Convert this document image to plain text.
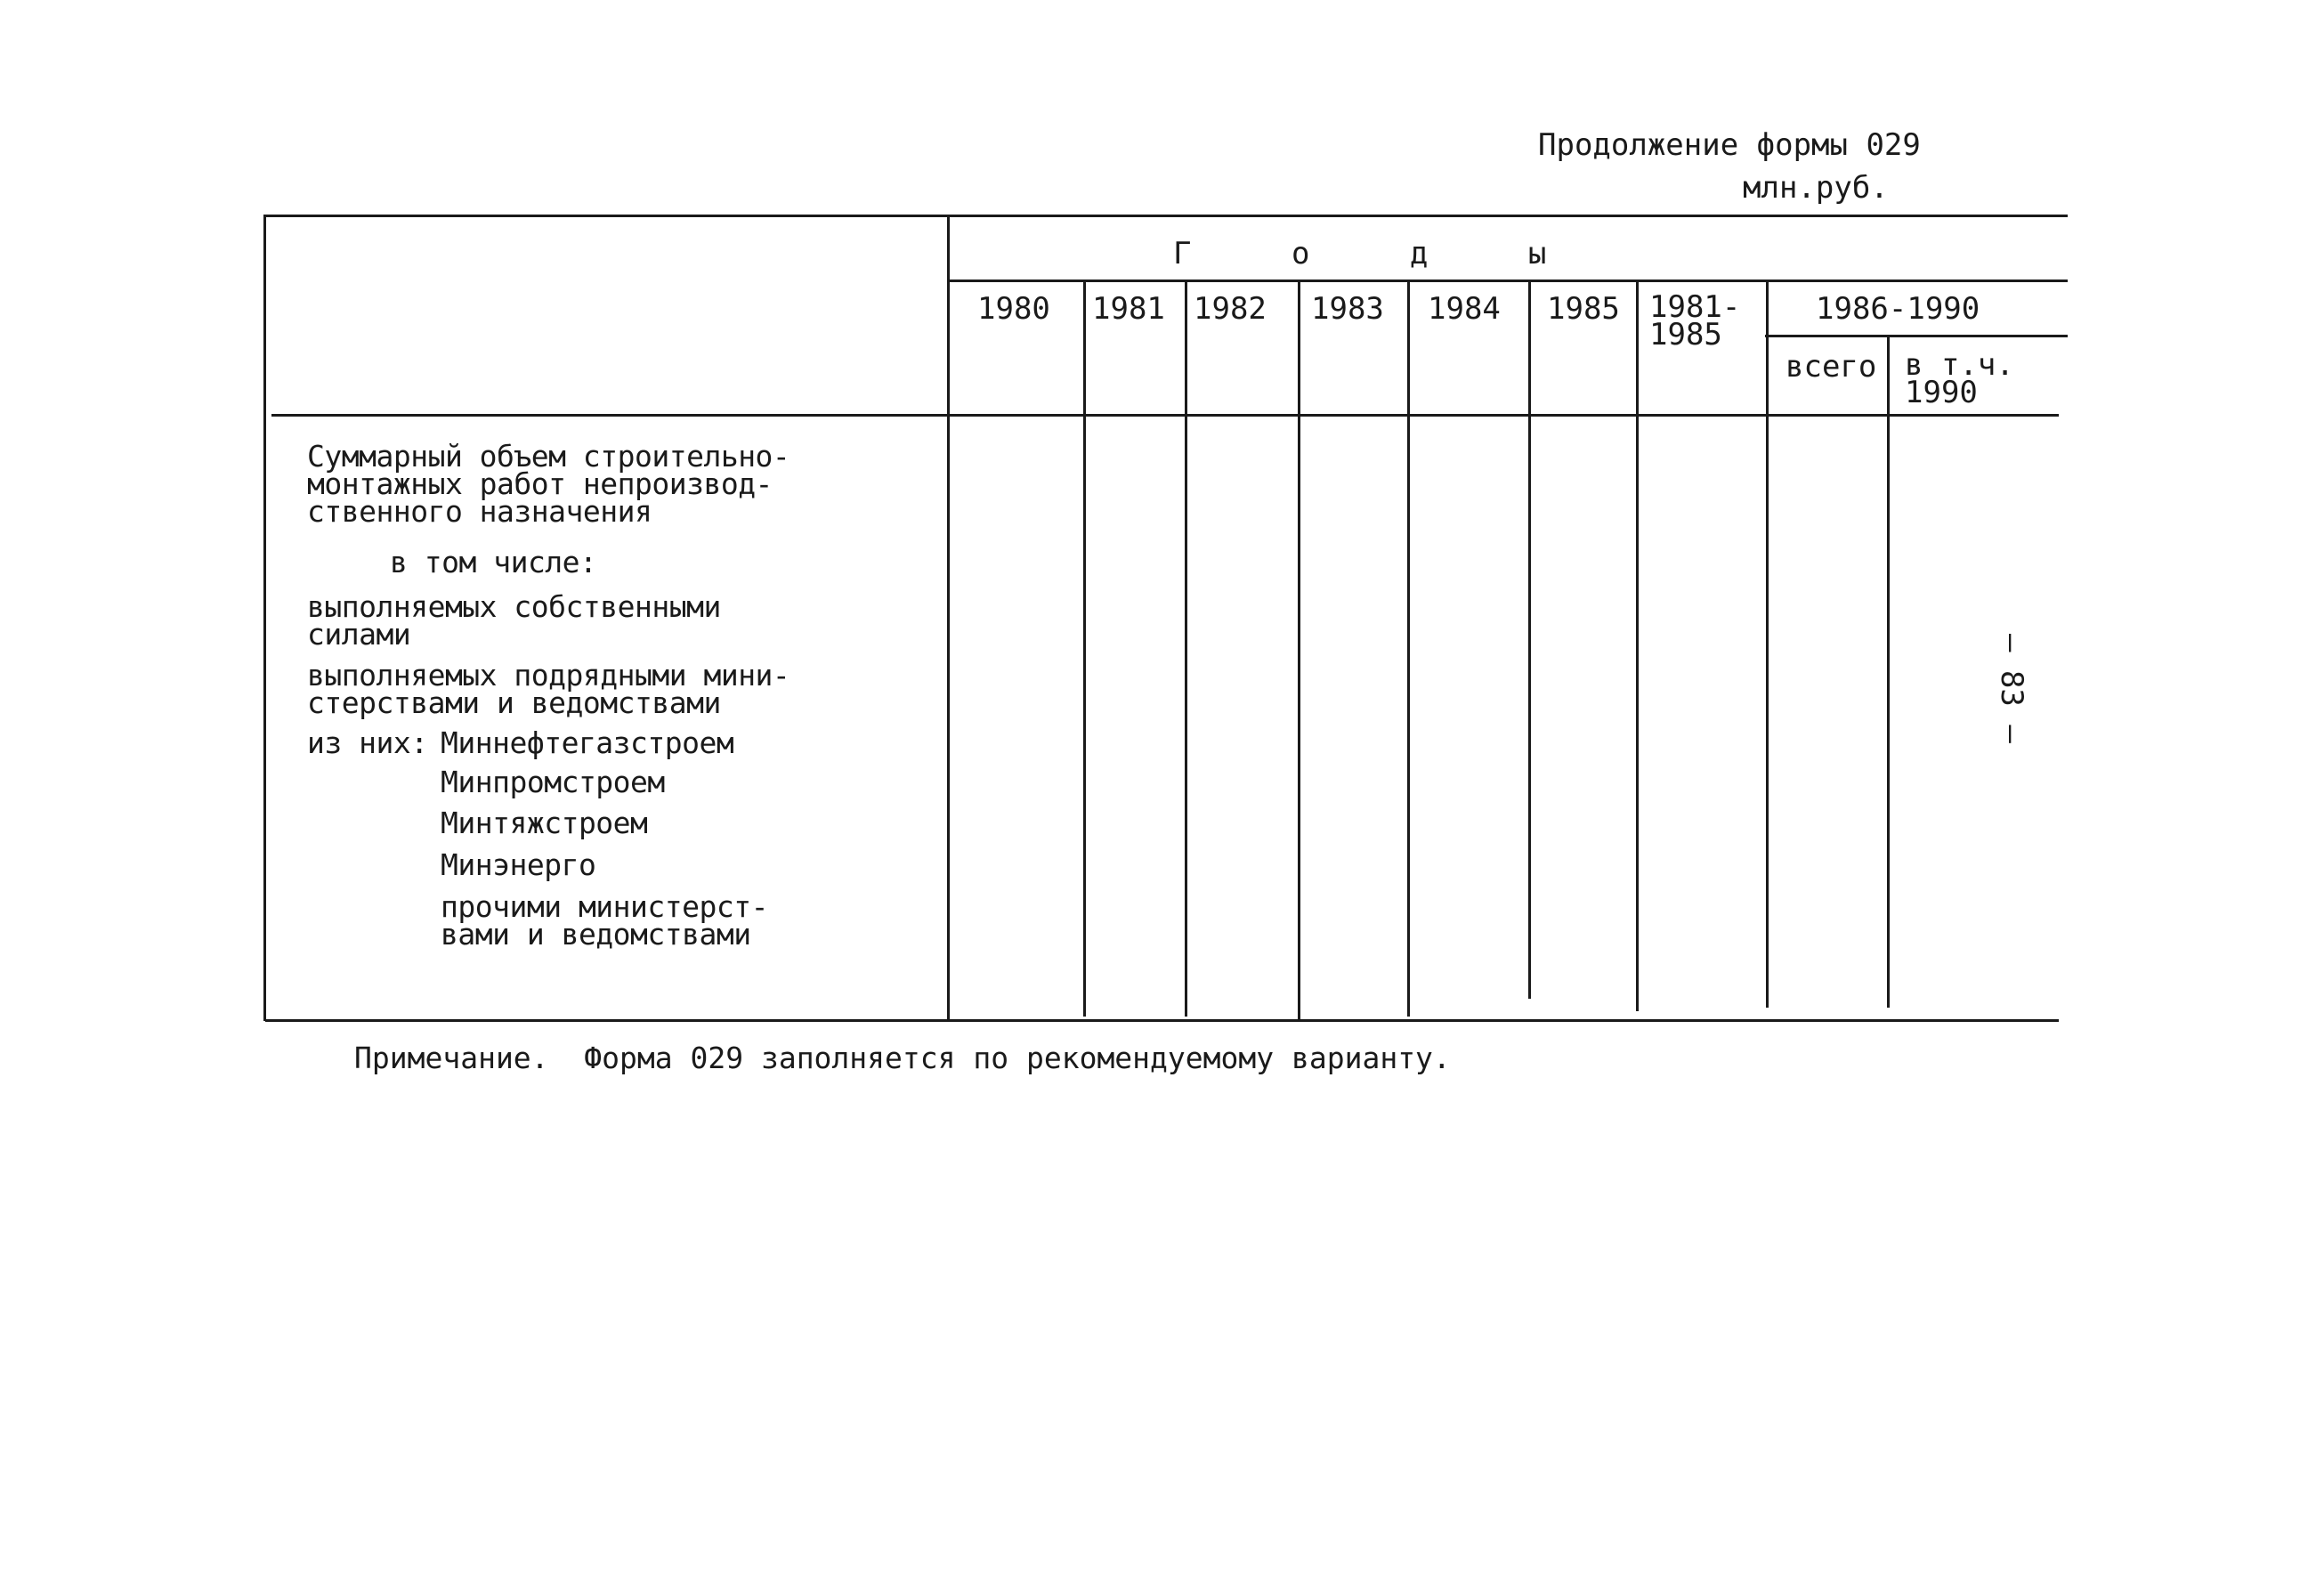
Продолжение формы 029
млн.руб.
Г о д ы
1980 1981 1982 1983 1984 1985 1981-
1985
1986-1990
всего в т.ч.
1990
Суммарный объем строительно-
монтажных работ непроизвод-
ственного назначения
в том числе:
выполняемых собственными
силами
выполняемых подрядными мини-
стерствами и ведомствами
из них: Миннефтегазстроем
Минпромстроем
Минтяжстроем
Минэнерго
прочими министерст-
вами и ведомствами
Примечание.  Форма 029 заполняется по рекомендуемому варианту.
— 83 —
